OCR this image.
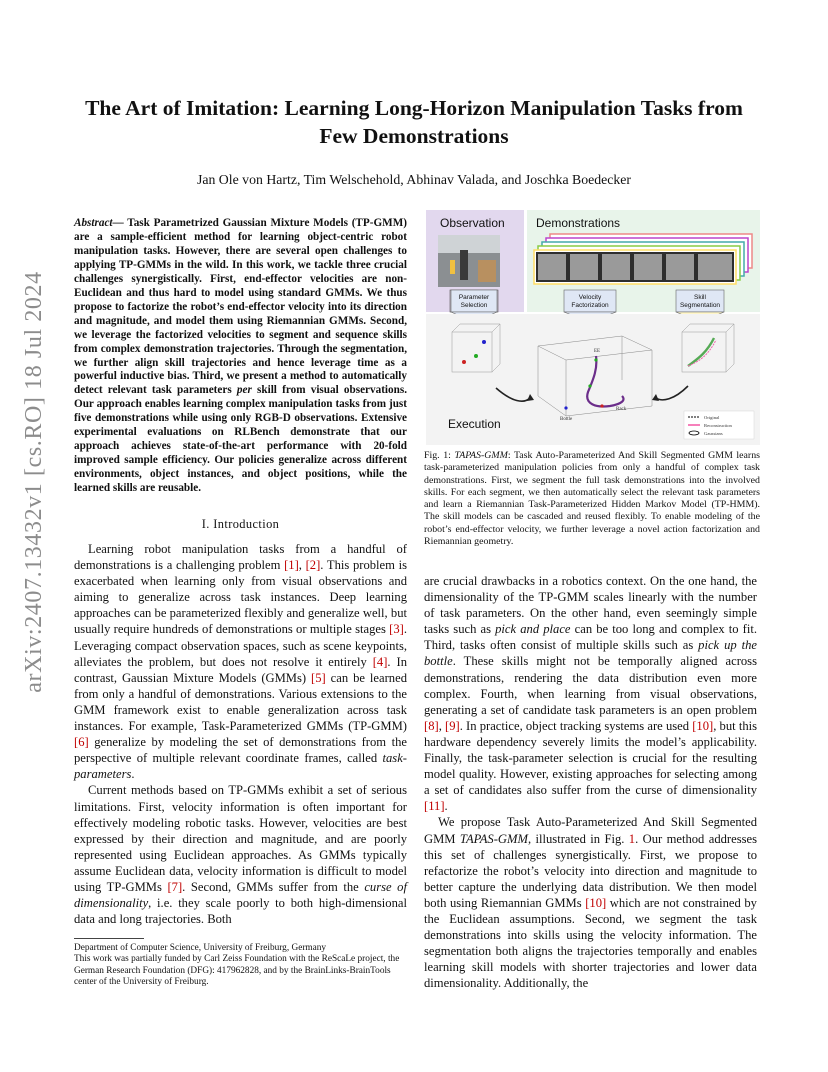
arXiv:2407.13432v1 [cs.RO] 18 Jul 2024
The Art of Imitation: Learning Long-Horizon Manipulation Tasks from
Few Demonstrations
Jan Ole von Hartz, Tim Welschehold, Abhinav Valada, and Joschka Boedecker
Abstract— Task Parametrized Gaussian Mixture Models (TP-GMM) are a sample-efficient method for learning object-centric robot manipulation tasks. However, there are several open challenges to applying TP-GMMs in the wild. In this work, we tackle three crucial challenges synergistically. First, end-effector velocities are non-Euclidean and thus hard to model using standard GMMs. We thus propose to factorize the robot’s end-effector velocity into its direction and magnitude, and model them using Riemannian GMMs. Second, we leverage the factorized velocities to segment and sequence skills from complex demonstration trajectories. Through the segmentation, we further align skill trajectories and hence leverage time as a powerful inductive bias. Third, we present a method to automatically detect relevant task parameters per skill from visual observations. Our approach enables learning complex manipulation tasks from just five demonstrations while using only RGB-D observations. Extensive experimental evaluations on RLBench demonstrate that our approach achieves state-of-the-art performance with 20-fold improved sample efficiency. Our policies generalize across different environments, object instances, and object positions, while the learned skills are reusable.
I. Introduction

Learning robot manipulation tasks from a handful of demonstrations is a challenging problem [1], [2]. This problem is exacerbated when learning only from visual observations and aiming to generalize across task instances. Deep learning approaches can be parameterized flexibly and generalize well, but usually require hundreds of demonstrations or multiple stages [3]. Leveraging compact observation spaces, such as scene keypoints, alleviates the problem, but does not resolve it entirely [4]. In contrast, Gaussian Mixture Models (GMMs) [5] can be learned from only a handful of demonstrations. Various extensions to the GMM framework exist to enable generalization across task instances. For example, Task-Parameterized GMMs (TP-GMM) [6] generalize by modeling the set of demonstrations from the perspective of multiple relevant coordinate frames, called task-parameters.

Current methods based on TP-GMMs exhibit a set of serious limitations. First, velocity information is often important for effectively modeling robotic tasks. However, velocities are best expressed by their direction and magnitude, and are poorly represented using Euclidean approaches. As GMMs typically assume Euclidean data, velocity information is difficult to model using TP-GMMs [7]. Second, GMMs suffer from the curse of dimensionality, i.e. they scale poorly to both high-dimensional data and long trajectories. Both

Department of Computer Science, University of Freiburg, Germany
This work was partially funded by Carl Zeiss Foundation with the ReScaLe project, the German Research Foundation (DFG): 417962828, and by the BrainLinks-BrainTools center of the University of Freiburg.
Observation	Demonstrations
Parameter
Selection
Velocity
Factorization
Skill
Segmentation
Execution
EE
Rack
Bottle	Original
Reconstruction
Gaussians
Fig. 1: TAPAS-GMM: Task Auto-Parameterized And Skill Segmented GMM learns task-parameterized manipulation policies from only a handful of complex task demonstrations. First, we segment the full task demonstrations into the involved skills. For each segment, we then automatically select the relevant task parameters and learn a Riemannian Task-Parameterized Hidden Markov Model (TP-HMM). The skill models can be cascaded and reused flexibly. To enable modeling of the robot’s end-effector velocity, we further leverage a novel action factorization and Riemannian geometry.

are crucial drawbacks in a robotics context. On the one hand, the dimensionality of the TP-GMM scales linearly with the number of task parameters. On the other hand, even seemingly simple tasks such as pick and place can be too long and complex to fit. Third, tasks often consist of multiple skills such as pick up the bottle. These skills might not be temporally aligned across demonstrations, rendering the data distribution even more complex. Fourth, when learning from visual observations, generating a set of candidate task parameters is an open problem [8], [9]. In practice, object tracking systems are used [10], but this hardware dependency severely limits the model’s applicability. Finally, the task-parameter selection is crucial for the resulting model quality. However, existing approaches for selecting among a set of candidates also suffer from the curse of dimensionality [11].

We propose Task Auto-Parameterized And Skill Segmented GMM TAPAS-GMM, illustrated in Fig. 1. Our method addresses this set of challenges synergistically. First, we propose to refactorize the robot’s velocity into direction and magnitude to better capture the underlying data distribution. We then model both using Riemannian GMMs [10] which are not constrained by the Euclidean assumptions. Second, we segment the task demonstrations into skills using the velocity information. The segmentation both aligns the trajectories temporally and enables learning skill models with shorter trajectories and lower data dimensionality. Additionally, the
